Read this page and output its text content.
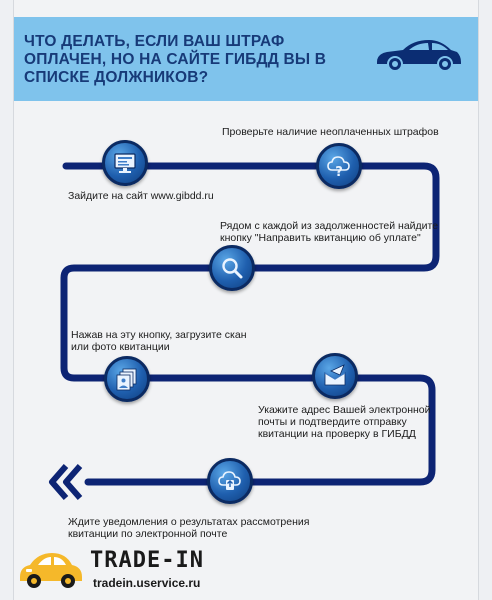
ЧТО ДЕЛАТЬ, ЕСЛИ ВАШ ШТРАФ ОПЛАЧЕН, НО НА САЙТЕ ГИБДД ВЫ В СПИСКЕ ДОЛЖНИКОВ?
Зайдите на сайт www.gibdd.ru
Проверьте наличие неоплаченных штрафов
?
Рядом с каждой из задолженностей найдите кнопку "Направить квитанцию об уплате"
Нажав на эту кнопку, загрузите скан или фото квитанции
Укажите адрес Вашей электронной почты и подтвердите отправку квитанции на проверку в ГИБДД
Ждите уведомления о результатах рассмотрения квитанции по электронной почте
TRADE-IN
tradein.uservice.ru
